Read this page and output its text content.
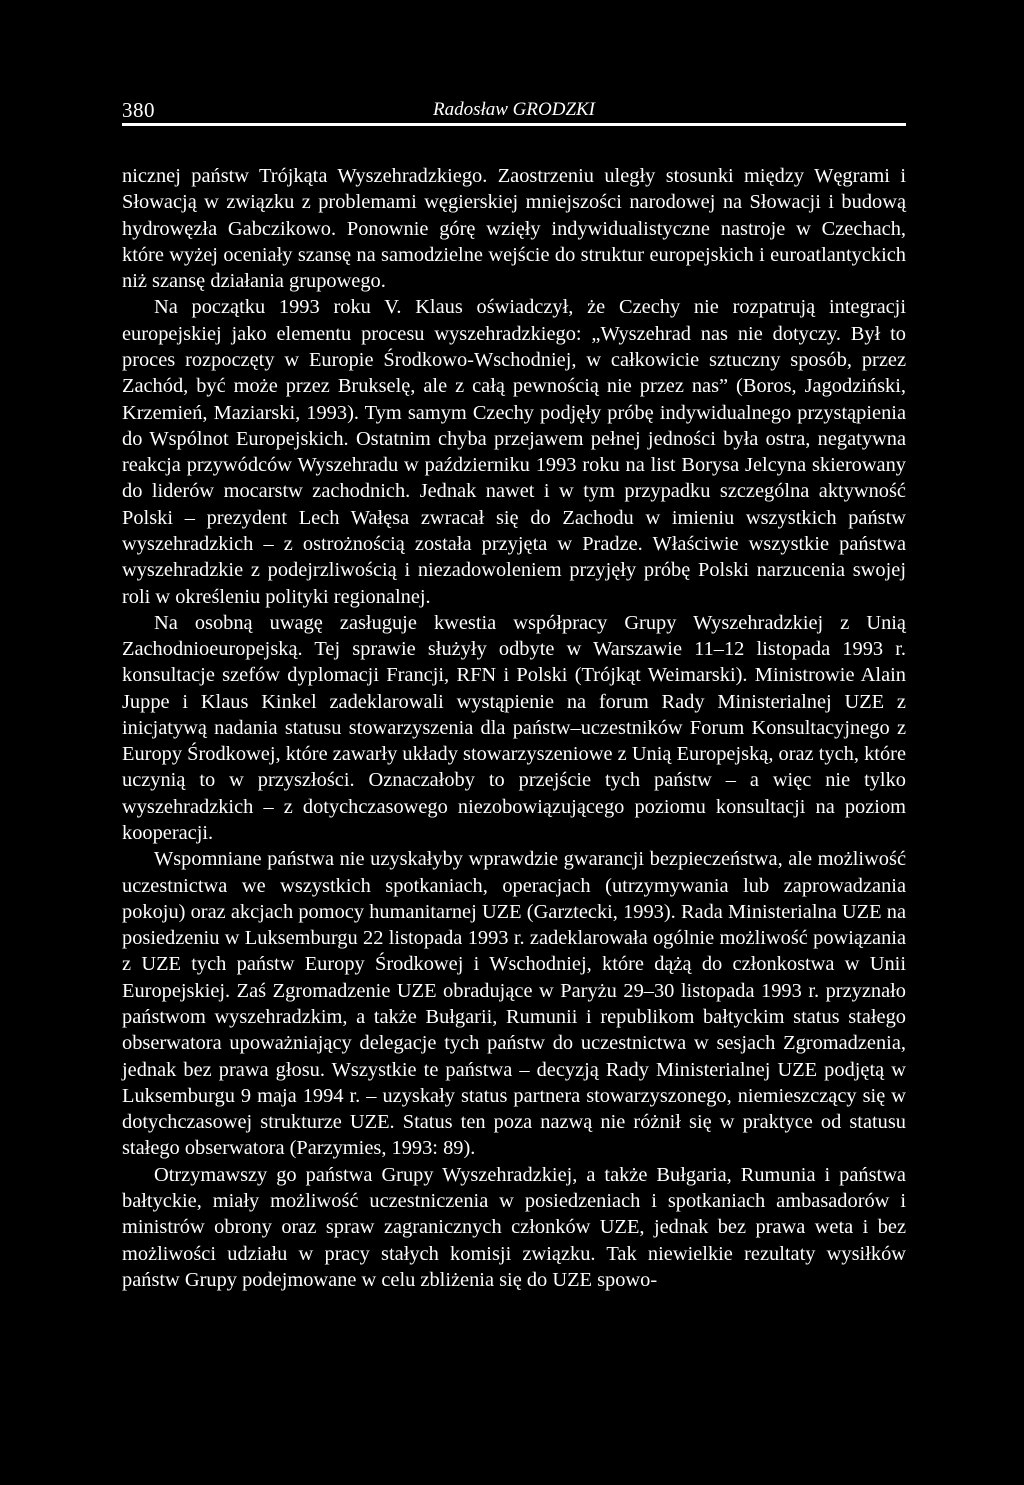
380	Radosław GRODZKI

nicznej państw Trójkąta Wyszehradzkiego. Zaostrzeniu uległy stosunki między Węgrami i Słowacją w związku z problemami węgierskiej mniejszości narodowej na Słowacji i budową hydrowęzła Gabczikowo. Ponownie górę wzięły indywidualistyczne nastroje w Czechach, które wyżej oceniały szansę na samodzielne wejście do struktur europejskich i euroatlantyckich niż szansę działania grupowego.

Na początku 1993 roku V. Klaus oświadczył, że Czechy nie rozpatrują integracji europejskiej jako elementu procesu wyszehradzkiego: „Wyszehrad nas nie dotyczy. Był to proces rozpoczęty w Europie Środkowo-Wschodniej, w całkowicie sztuczny sposób, przez Zachód, być może przez Brukselę, ale z całą pewnością nie przez nas” (Boros, Jagodziński, Krzemień, Maziarski, 1993). Tym samym Czechy podjęły próbę indywidualnego przystąpienia do Wspólnot Europejskich. Ostatnim chyba przejawem pełnej jedności była ostra, negatywna reakcja przywódców Wyszehradu w październiku 1993 roku na list Borysa Jelcyna skierowany do liderów mocarstw zachodnich. Jednak nawet i w tym przypadku szczególna aktywność Polski – prezydent Lech Wałęsa zwracał się do Zachodu w imieniu wszystkich państw wyszehradzkich – z ostrożnością została przyjęta w Pradze. Właściwie wszystkie państwa wyszehradzkie z podejrzliwością i niezadowoleniem przyjęły próbę Polski narzucenia swojej roli w określeniu polityki regionalnej.

Na osobną uwagę zasługuje kwestia współpracy Grupy Wyszehradzkiej z Unią Zachodnioeuropejską. Tej sprawie służyły odbyte w Warszawie 11–12 listopada 1993 r. konsultacje szefów dyplomacji Francji, RFN i Polski (Trójkąt Weimarski). Ministrowie Alain Juppe i Klaus Kinkel zadeklarowali wystąpienie na forum Rady Ministerialnej UZE z inicjatywą nadania statusu stowarzyszenia dla państw–uczestników Forum Konsultacyjnego z Europy Środkowej, które zawarły układy stowarzyszeniowe z Unią Europejską, oraz tych, które uczynią to w przyszłości. Oznaczałoby to przejście tych państw – a więc nie tylko wyszehradzkich – z dotychczasowego niezobowiązującego poziomu konsultacji na poziom kooperacji.

Wspomniane państwa nie uzyskałyby wprawdzie gwarancji bezpieczeństwa, ale możliwość uczestnictwa we wszystkich spotkaniach, operacjach (utrzymywania lub zaprowadzania pokoju) oraz akcjach pomocy humanitarnej UZE (Garztecki, 1993). Rada Ministerialna UZE na posiedzeniu w Luksemburgu 22 listopada 1993 r. zadeklarowała ogólnie możliwość powiązania z UZE tych państw Europy Środkowej i Wschodniej, które dążą do członkostwa w Unii Europejskiej. Zaś Zgromadzenie UZE obradujące w Paryżu 29–30 listopada 1993 r. przyznało państwom wyszehradzkim, a także Bułgarii, Rumunii i republikom bałtyckim status stałego obserwatora upoważniający delegacje tych państw do uczestnictwa w sesjach Zgromadzenia, jednak bez prawa głosu. Wszystkie te państwa – decyzją Rady Ministerialnej UZE podjętą w Luksemburgu 9 maja 1994 r. – uzyskały status partnera stowarzyszonego, niemieszczący się w dotychczasowej strukturze UZE. Status ten poza nazwą nie różnił się w praktyce od statusu stałego obserwatora (Parzymies, 1993: 89).

Otrzymawszy go państwa Grupy Wyszehradzkiej, a także Bułgaria, Rumunia i państwa bałtyckie, miały możliwość uczestniczenia w posiedzeniach i spotkaniach ambasadorów i ministrów obrony oraz spraw zagranicznych członków UZE, jednak bez prawa weta i bez możliwości udziału w pracy stałych komisji związku. Tak niewielkie rezultaty wysiłków państw Grupy podejmowane w celu zbliżenia się do UZE spowo-
